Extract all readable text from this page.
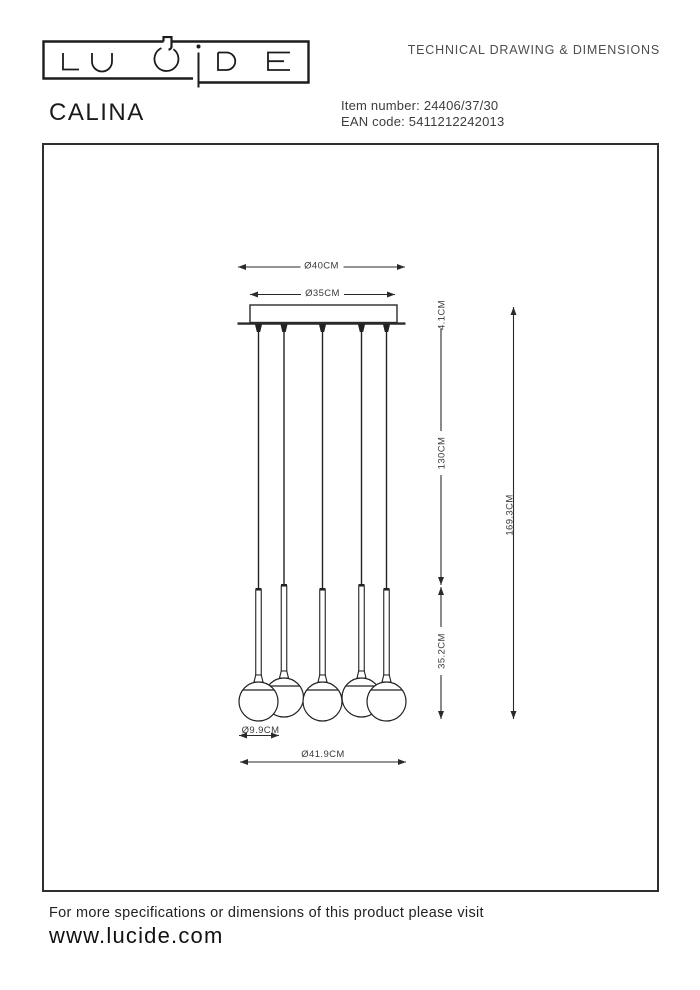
TECHNICAL DRAWING & DIMENSIONS
CALINA	Item number: 24406/37/30
EAN code: 5411212242013
Ø40CM
Ø35CM
4.1CM
130CM
35.2CM
169.3CM
Ø9.9CM
Ø41.9CM
For more specifications or dimensions of this product please visit
www.lucide.com
